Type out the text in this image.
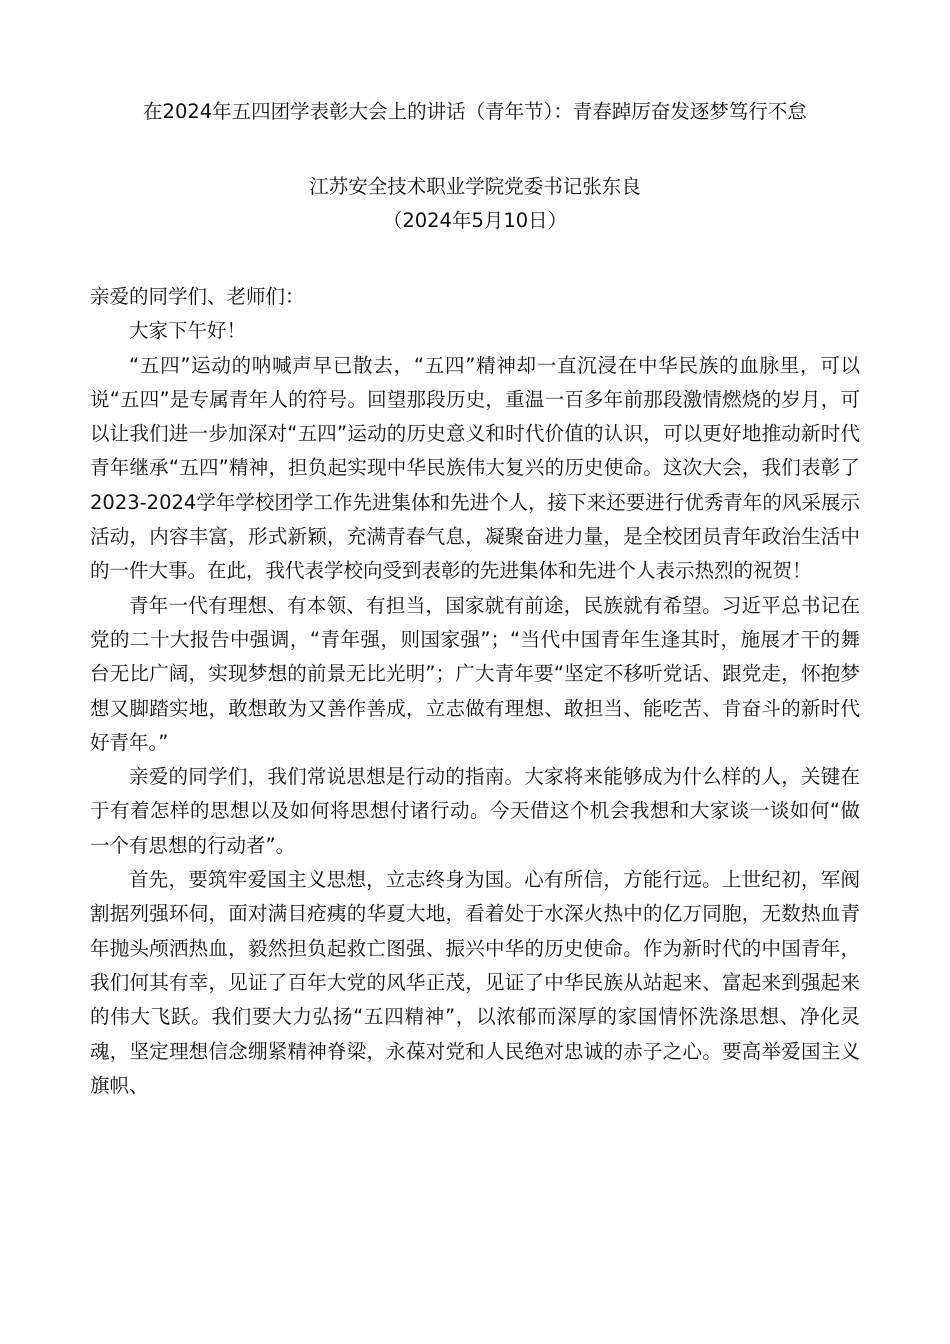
在2024年五四团学表彰大会上的讲话（青年节）：青春踔厉奋发逐梦笃行不怠
江苏安全技术职业学院党委书记张东良
（2024年5月10日）

亲爱的同学们、老师们：

大家下午好！

“五四”运动的呐喊声早已散去，“五四”精神却一直沉浸在中华民族的血脉里，可以说“五四”是专属青年人的符号。回望那段历史，重温一百多年前那段激情燃烧的岁月，可以让我们进一步加深对“五四”运动的历史意义和时代价值的认识，可以更好地推动新时代青年继承“五四”精神，担负起实现中华民族伟大复兴的历史使命。这次大会，我们表彰了2023-2024学年学校团学工作先进集体和先进个人，接下来还要进行优秀青年的风采展示活动，内容丰富，形式新颖，充满青春气息，凝聚奋进力量，是全校团员青年政治生活中的一件大事。在此，我代表学校向受到表彰的先进集体和先进个人表示热烈的祝贺！

青年一代有理想、有本领、有担当，国家就有前途，民族就有希望。习近平总书记在党的二十大报告中强调，“青年强，则国家强”；“当代中国青年生逢其时，施展才干的舞台无比广阔，实现梦想的前景无比光明”；广大青年要“坚定不移听党话、跟党走，怀抱梦想又脚踏实地，敢想敢为又善作善成，立志做有理想、敢担当、能吃苦、肯奋斗的新时代好青年。”

亲爱的同学们，我们常说思想是行动的指南。大家将来能够成为什么样的人，关键在于有着怎样的思想以及如何将思想付诸行动。今天借这个机会我想和大家谈一谈如何“做一个有思想的行动者”。

首先，要筑牢爱国主义思想，立志终身为国。心有所信，方能行远。上世纪初，军阀割据列强环伺，面对满目疮痍的华夏大地，看着处于水深火热中的亿万同胞，无数热血青年抛头颅洒热血，毅然担负起救亡图强、振兴中华的历史使命。作为新时代的中国青年，我们何其有幸，见证了百年大党的风华正茂，见证了中华民族从站起来、富起来到强起来的伟大飞跃。我们要大力弘扬“五四精神”，以浓郁而深厚的家国情怀洗涤思想、净化灵魂，坚定理想信念绷紧精神脊梁，永葆对党和人民绝对忠诚的赤子之心。要高举爱国主义旗帜、
